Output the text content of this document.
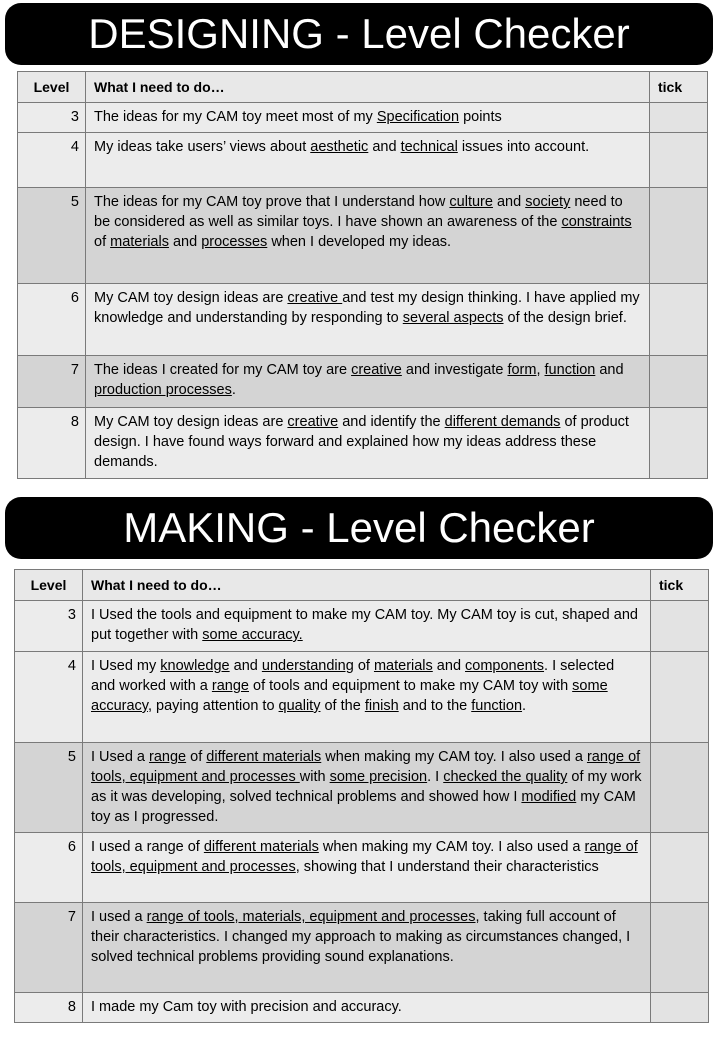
DESIGNING - Level Checker
Level	What I need to do…	tick
3	The ideas for my CAM toy meet most of my Specification points	
4	My ideas take users’ views about aesthetic and technical issues into account.	
5	The ideas for my CAM toy prove that I understand how culture and society need to be considered as well as similar toys. I have shown an awareness of the constraints of materials and processes when I developed my ideas.	
6	My CAM toy design ideas are creative and test my design thinking. I have applied my knowledge and understanding by responding to several aspects of the design brief.	
7	The ideas I created for my CAM toy are creative and investigate form, function and production processes.	
8	My CAM toy design ideas are creative and identify the different demands of product design. I have found ways forward and explained how my ideas address these demands.	
MAKING - Level Checker
Level	What I need to do…	tick
3	I Used the tools and equipment to make my CAM toy. My CAM toy is cut, shaped and put together with some accuracy.	
4	I Used my knowledge and understanding of materials and components. I selected and worked with a range of tools and equipment to make my CAM toy with some accuracy, paying attention to quality of the finish and to the function.	
5	I Used a range of different materials when making my CAM toy. I also used a range of tools, equipment and processes with some precision. I checked the quality of my work as it was developing, solved technical problems and showed how I modified my CAM toy as I progressed.	
6	I used a range of different materials when making my CAM toy. I also used a range of tools, equipment and processes, showing that I understand their characteristics	
7	I used a range of tools, materials, equipment and processes, taking full account of their characteristics. I changed my approach to making as circumstances changed, I solved technical problems providing sound explanations.	
8	I made my Cam toy with precision and accuracy.	
